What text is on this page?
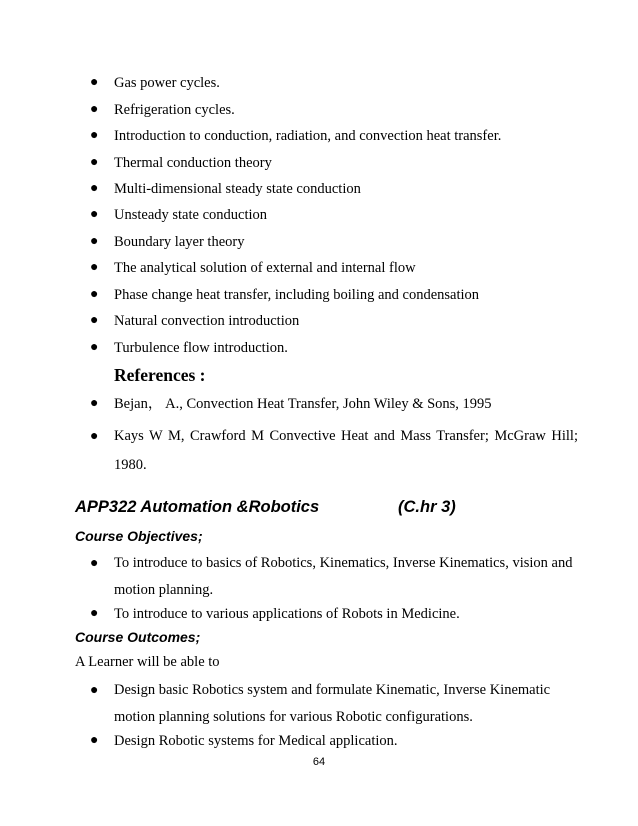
●	Gas power cycles.
●	Refrigeration cycles.
●	Introduction to conduction, radiation, and convection heat transfer.
●	Thermal conduction theory
●	Multi-dimensional steady state conduction
●	Unsteady state conduction
●	Boundary layer theory
●	The analytical solution of external and internal flow
●	Phase change heat transfer, including boiling and condensation
●	Natural convection introduction
●	Turbulence flow introduction.
References :
●	Bejan， A., Convection Heat Transfer, John Wiley & Sons, 1995
●	Kays W M, Crawford M Convective Heat and Mass Transfer; McGraw Hill; 1980.
APP322 Automation &Robotics	(C.hr 3)
Course Objectives;
●	To introduce to basics of Robotics, Kinematics, Inverse Kinematics, vision and motion planning.
●	To introduce to various applications of Robots in Medicine.
Course Outcomes;

A Learner will be able to

●	Design basic Robotics system and formulate Kinematic, Inverse Kinematic motion planning solutions for various Robotic configurations.
●	Design Robotic systems for Medical application.
64
